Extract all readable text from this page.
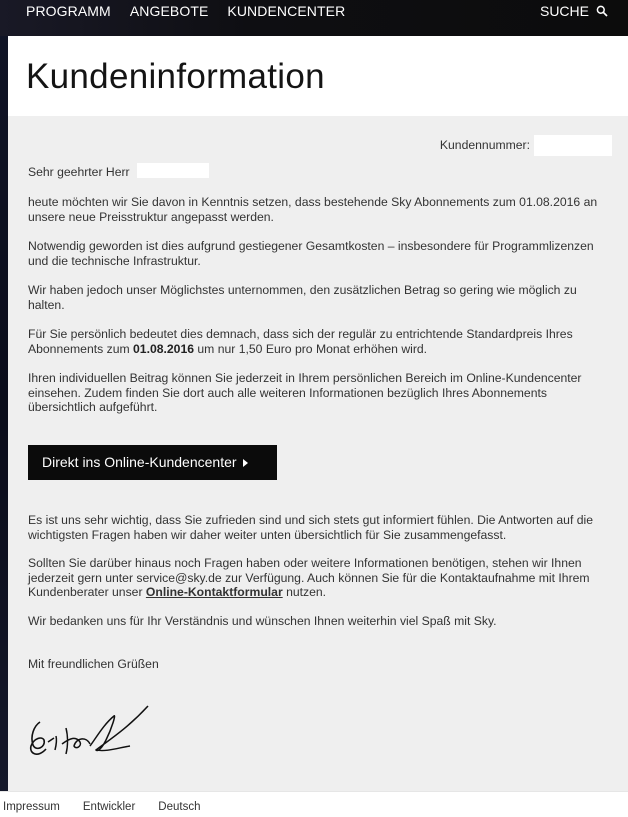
PROGRAMM ANGEBOTE KUNDENCENTER	SUCHE
Kundeninformation
Kundennummer:
Sehr geehrter Herr

heute möchten wir Sie davon in Kenntnis setzen, dass bestehende Sky Abonnements zum 01.08.2016 an unsere neue Preisstruktur angepasst werden.

Notwendig geworden ist dies aufgrund gestiegener Gesamtkosten – insbesondere für Programmlizenzen und die technische Infrastruktur.

Wir haben jedoch unser Möglichstes unternommen, den zusätzlichen Betrag so gering wie möglich zu halten.

Für Sie persönlich bedeutet dies demnach, dass sich der regulär zu entrichtende Standardpreis Ihres Abonnements zum 01.08.2016 um nur 1,50 Euro pro Monat erhöhen wird.

Ihren individuellen Beitrag können Sie jederzeit in Ihrem persönlichen Bereich im Online-Kundencenter einsehen. Zudem finden Sie dort auch alle weiteren Informationen bezüglich Ihres Abonnements übersichtlich aufgeführt.

Direkt ins Online-Kundencenter

Es ist uns sehr wichtig, dass Sie zufrieden sind und sich stets gut informiert fühlen. Die Antworten auf die wichtigsten Fragen haben wir daher weiter unten übersichtlich für Sie zusammengefasst.

Sollten Sie darüber hinaus noch Fragen haben oder weitere Informationen benötigen, stehen wir Ihnen jederzeit gern unter service@sky.de zur Verfügung. Auch können Sie für die Kontaktaufnahme mit Ihrem Kundenberater unser Online-Kontaktformular nutzen.

Wir bedanken uns für Ihr Verständnis und wünschen Ihnen weiterhin viel Spaß mit Sky.

Mit freundlichen Grüßen
Impressum Entwickler Deutsch
